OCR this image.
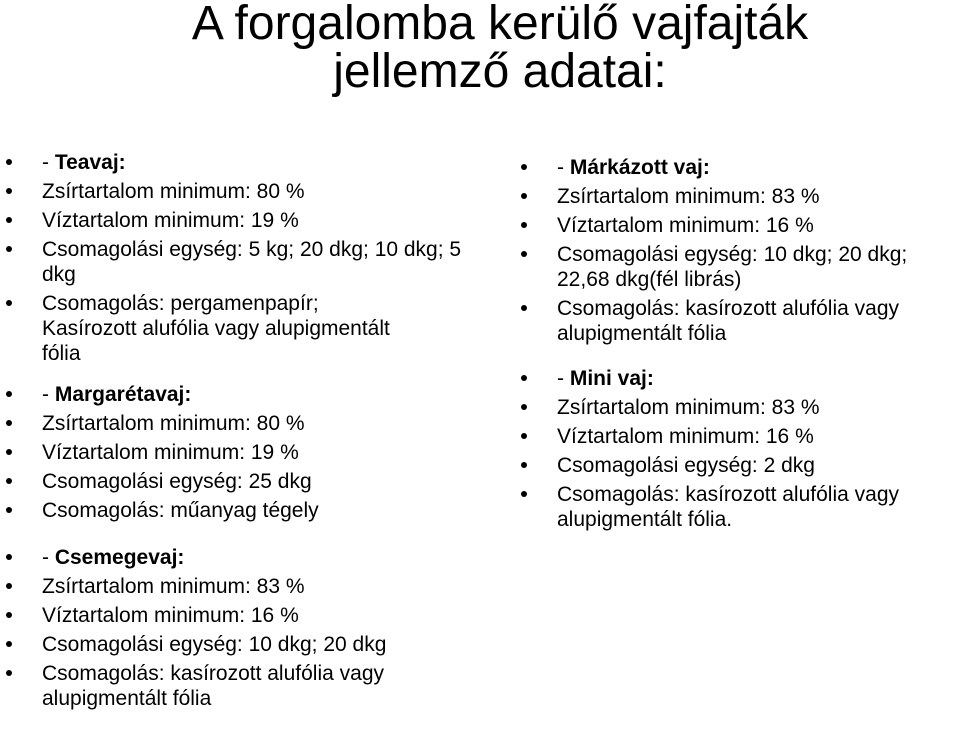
A forgalomba kerülő vajfajták
jellemző adatai:
- Teavaj:
Zsírtartalom minimum: 80 %
Víztartalom minimum: 19 %
Csomagolási egység: 5 kg; 20 dkg; 10 dkg; 5 dkg
Csomagolás: pergamenpapír; Kasírozott alufólia vagy alupigmentált fólia
- Margarétavaj:
Zsírtartalom minimum: 80 %
Víztartalom minimum: 19 %
Csomagolási egység: 25 dkg
Csomagolás: műanyag tégely
- Csemegevaj:
Zsírtartalom minimum: 83 %
Víztartalom minimum: 16 %
Csomagolási egység: 10 dkg; 20 dkg
Csomagolás: kasírozott alufólia vagy alupigmentált fólia
- Márkázott vaj:
Zsírtartalom minimum: 83 %
Víztartalom minimum: 16 %
Csomagolási egység: 10 dkg; 20 dkg; 22,68 dkg(fél librás)
Csomagolás: kasírozott alufólia vagy alupigmentált fólia
- Mini vaj:
Zsírtartalom minimum: 83 %
Víztartalom minimum: 16 %
Csomagolási egység: 2 dkg
Csomagolás: kasírozott alufólia vagy alupigmentált fólia.
